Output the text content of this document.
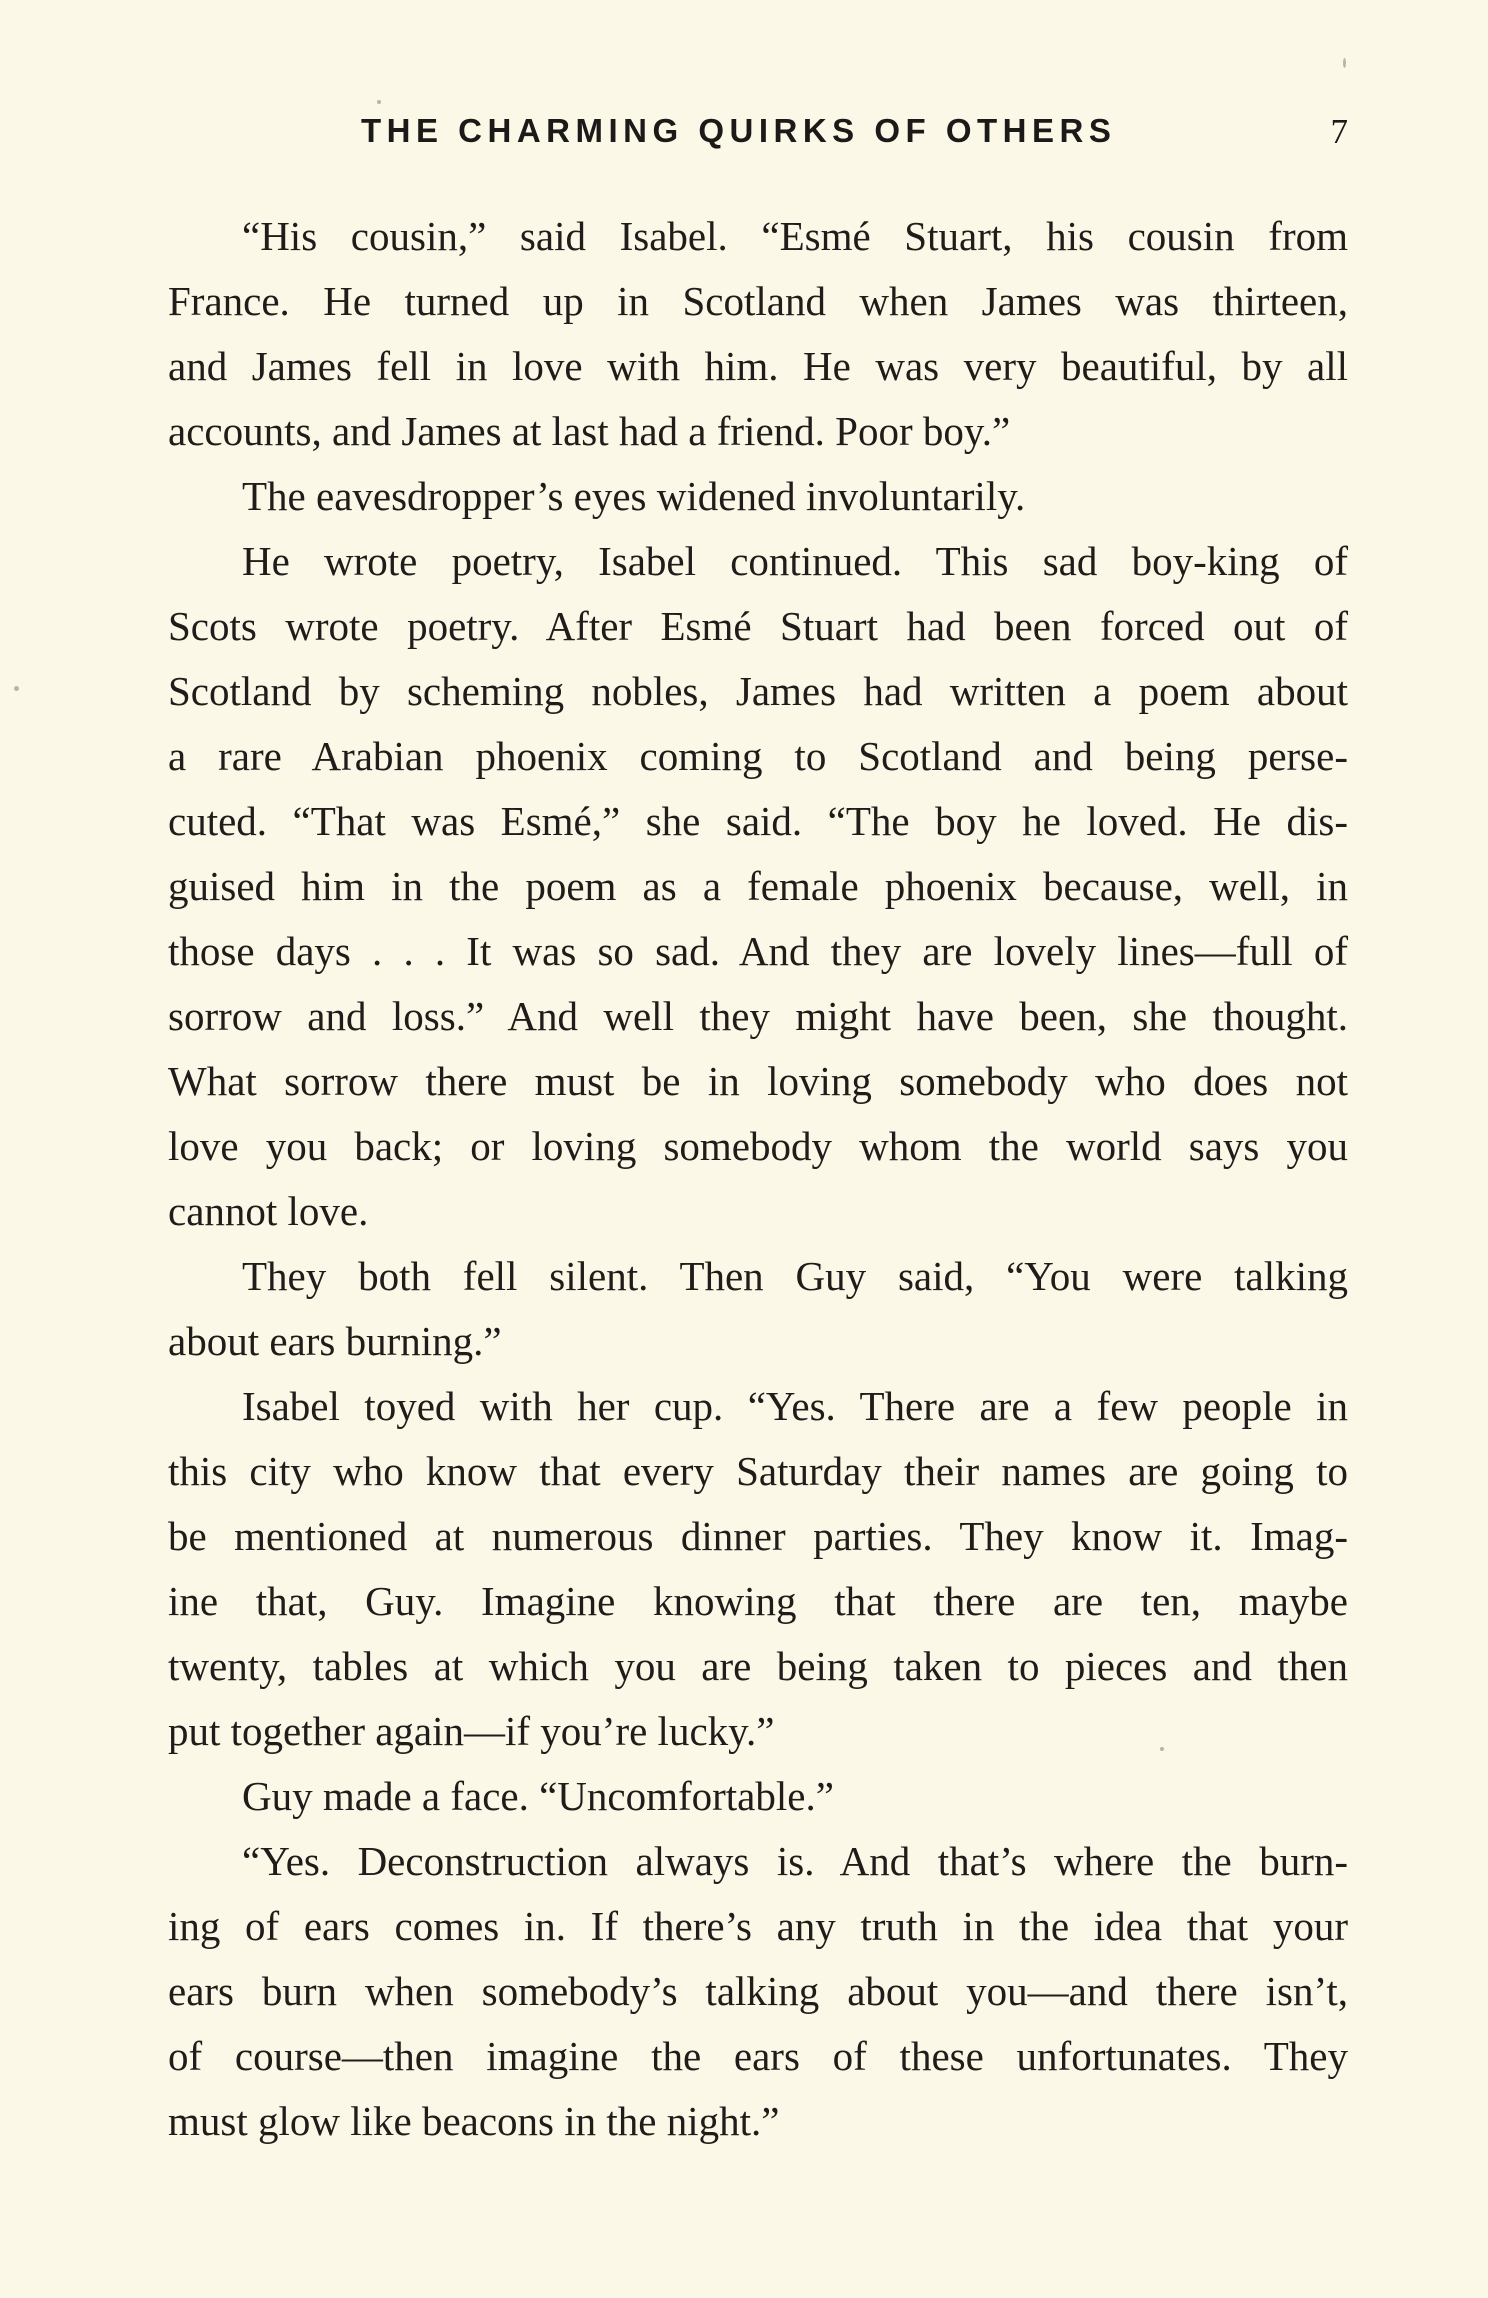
THE CHARMING QUIRKS OF OTHERS	7
“His cousin,” said Isabel. “Esmé Stuart, his cousin from
France. He turned up in Scotland when James was thirteen,
and James fell in love with him. He was very beautiful, by all
accounts, and James at last had a friend. Poor boy.”
The eavesdropper’s eyes widened involuntarily.
He wrote poetry, Isabel continued. This sad boy-king of
Scots wrote poetry. After Esmé Stuart had been forced out of
Scotland by scheming nobles, James had written a poem about
a rare Arabian phoenix coming to Scotland and being perse-
cuted. “That was Esmé,” she said. “The boy he loved. He dis-
guised him in the poem as a female phoenix because, well, in
those days . . . It was so sad. And they are lovely lines—full of
sorrow and loss.” And well they might have been, she thought.
What sorrow there must be in loving somebody who does not
love you back; or loving somebody whom the world says you
cannot love.
They both fell silent. Then Guy said, “You were talking
about ears burning.”
Isabel toyed with her cup. “Yes. There are a few people in
this city who know that every Saturday their names are going to
be mentioned at numerous dinner parties. They know it. Imag-
ine that, Guy. Imagine knowing that there are ten, maybe
twenty, tables at which you are being taken to pieces and then
put together again—if you’re lucky.”
Guy made a face. “Uncomfortable.”
“Yes. Deconstruction always is. And that’s where the burn-
ing of ears comes in. If there’s any truth in the idea that your
ears burn when somebody’s talking about you—and there isn’t,
of course—then imagine the ears of these unfortunates. They
must glow like beacons in the night.”
